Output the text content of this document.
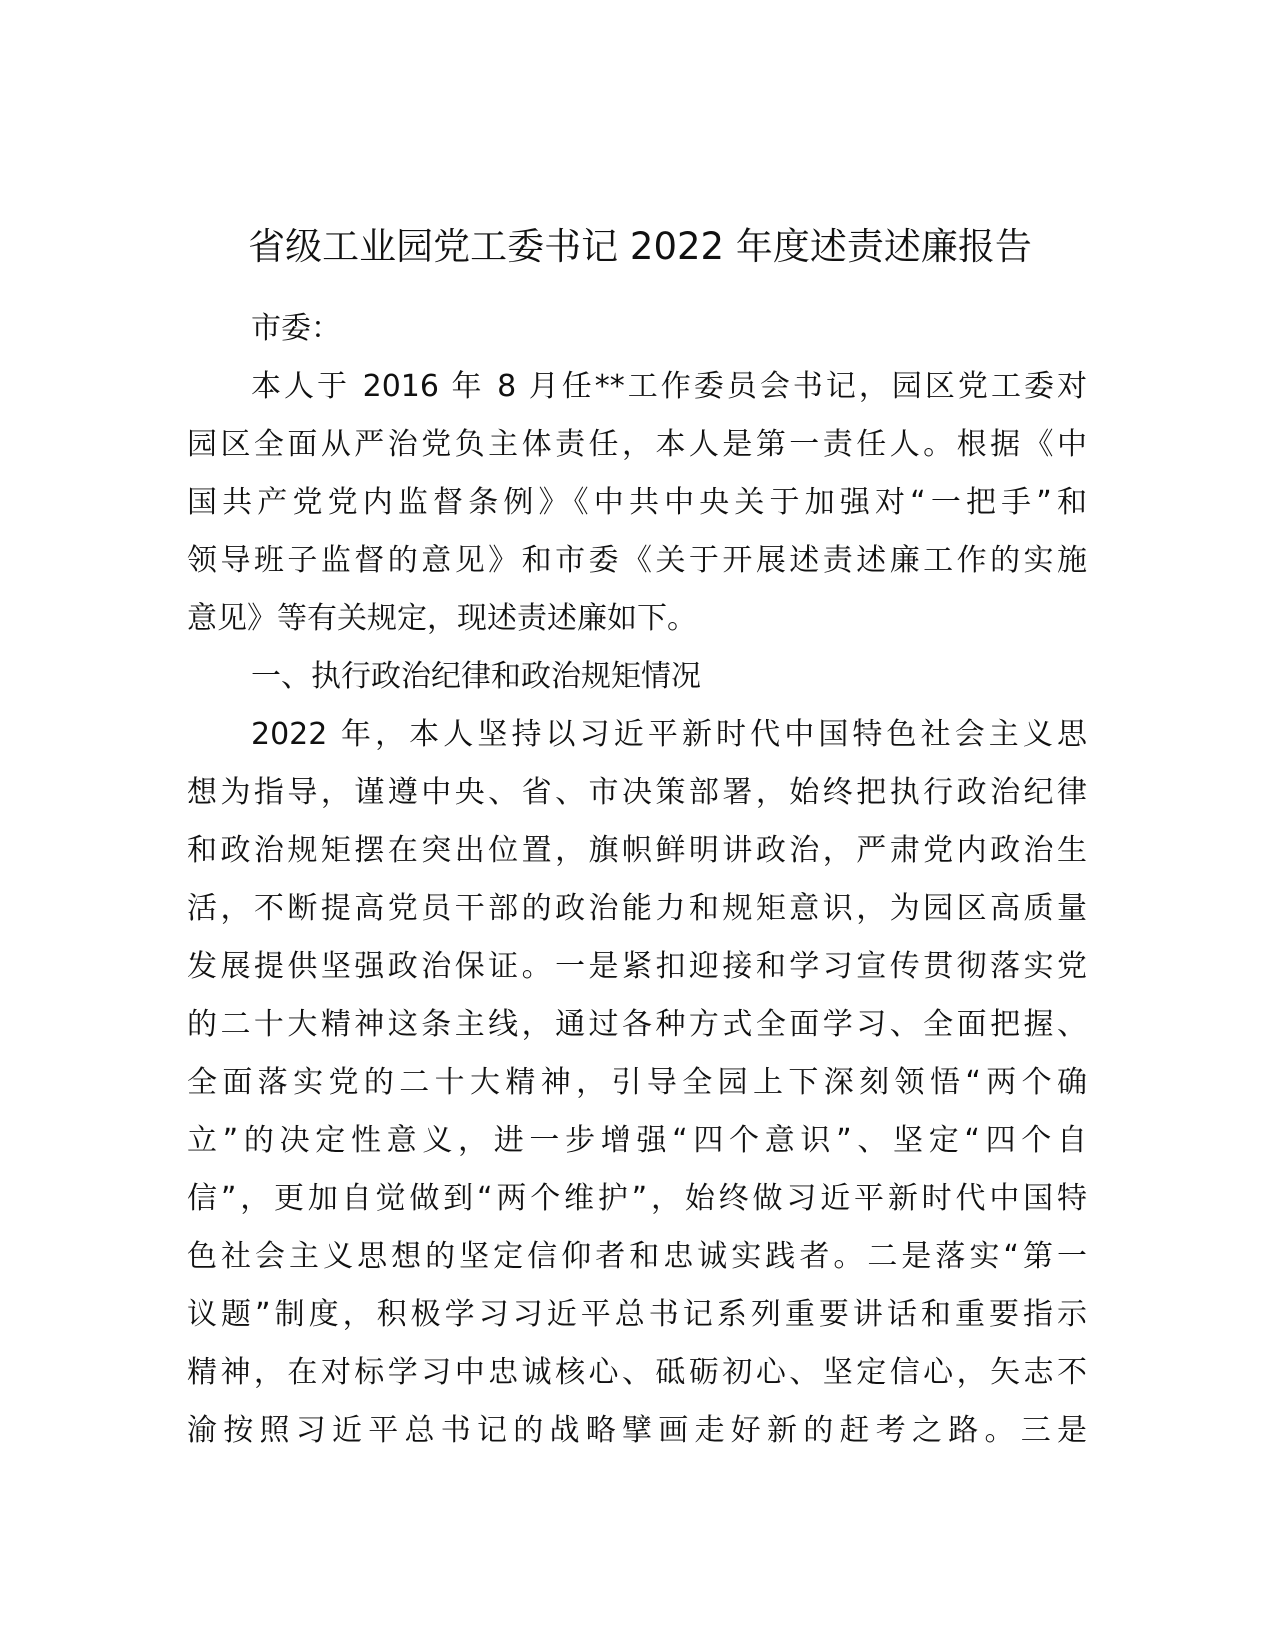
省级工业园党工委书记 2022 年度述责述廉报告
市委：

本人于 2016 年 8 月任**工作委员会书记，园区党工委对
园区全面从严治党负主体责任，本人是第一责任人。根据《中
国共产党党内监督条例》《中共中央关于加强对“一把手”和
领导班子监督的意见》和市委《关于开展述责述廉工作的实施
意见》等有关规定，现述责述廉如下。

一、执行政治纪律和政治规矩情况

2022 年，本人坚持以习近平新时代中国特色社会主义思
想为指导，谨遵中央、省、市决策部署，始终把执行政治纪律
和政治规矩摆在突出位置，旗帜鲜明讲政治，严肃党内政治生
活，不断提高党员干部的政治能力和规矩意识，为园区高质量
发展提供坚强政治保证。一是紧扣迎接和学习宣传贯彻落实党
的二十大精神这条主线，通过各种方式全面学习、全面把握、
全面落实党的二十大精神，引导全园上下深刻领悟“两个确
立”的决定性意义，进一步增强“四个意识”、坚定“四个自
信”，更加自觉做到“两个维护”，始终做习近平新时代中国特
色社会主义思想的坚定信仰者和忠诚实践者。二是落实“第一
议题”制度，积极学习习近平总书记系列重要讲话和重要指示
精神，在对标学习中忠诚核心、砥砺初心、坚定信心，矢志不
渝按照习近平总书记的战略擘画走好新的赶考之路。三是
